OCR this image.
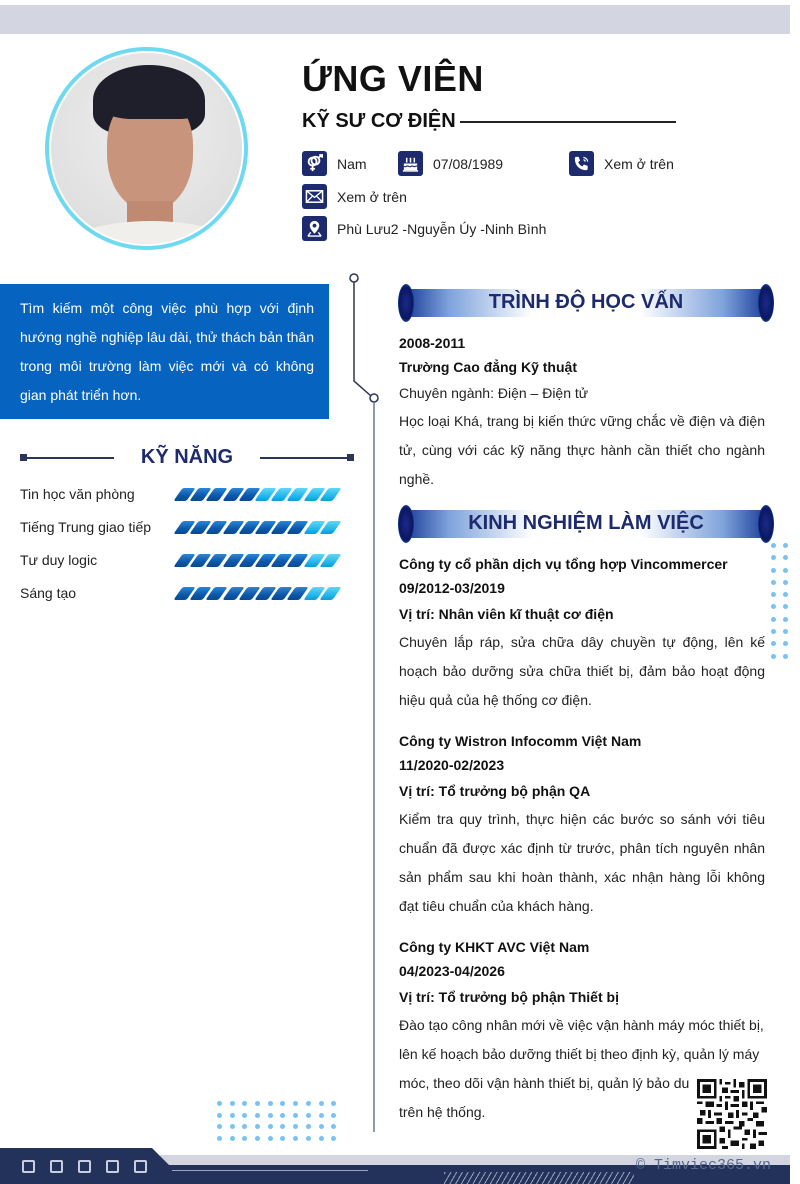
ỨNG VIÊN
KỸ SƯ CƠ ĐIỆN
Nam	07/08/1989	Xem ở trên
Xem ở trên
Phù Lưu2 -Nguyễn Úy -Ninh Bình
Tìm kiếm một công việc phù hợp với định hướng nghề nghiệp lâu dài, thử thách bản thân trong môi trường làm việc mới và có không gian phát triển hơn.
KỸ NĂNG
Tin học văn phòng
Tiếng Trung giao tiếp
Tư duy logic
Sáng tạo
TRÌNH ĐỘ HỌC VẤN
2008-2011
Trường Cao đẳng Kỹ thuật
Chuyên ngành: Điện – Điện tử
Học loại Khá, trang bị kiến thức vững chắc về điện và điện tử, cùng với các kỹ năng thực hành cần thiết cho ngành nghề.
KINH NGHIỆM LÀM VIỆC
Công ty cổ phần dịch vụ tổng hợp Vincommercer
09/2012-03/2019
Vị trí: Nhân viên kĩ thuật cơ điện
Chuyên lắp ráp, sửa chữa dây chuyền tự động, lên kế hoạch bảo dưỡng sửa chữa thiết bị, đảm bảo hoạt động hiệu quả của hệ thống cơ điện.
Công ty Wistron Infocomm Việt Nam
11/2020-02/2023
Vị trí: Tổ trưởng bộ phận QA
Kiểm tra quy trình, thực hiện các bước so sánh với tiêu chuẩn đã được xác định từ trước, phân tích nguyên nhân sản phẩm sau khi hoàn thành, xác nhận hàng lỗi không đạt tiêu chuẩn của khách hàng.
Công ty KHKT AVC Việt Nam
04/2023-04/2026
Vị trí: Tổ trưởng bộ phận Thiết bị
Đào tạo công nhân mới về việc vận hành máy móc thiết bị,
lên kế hoạch bảo dưỡng thiết bị theo định kỳ, quản lý máy
móc, theo dõi vận hành thiết bị, quản lý bảo du
trên hệ thống.
© Timviec365.vn
